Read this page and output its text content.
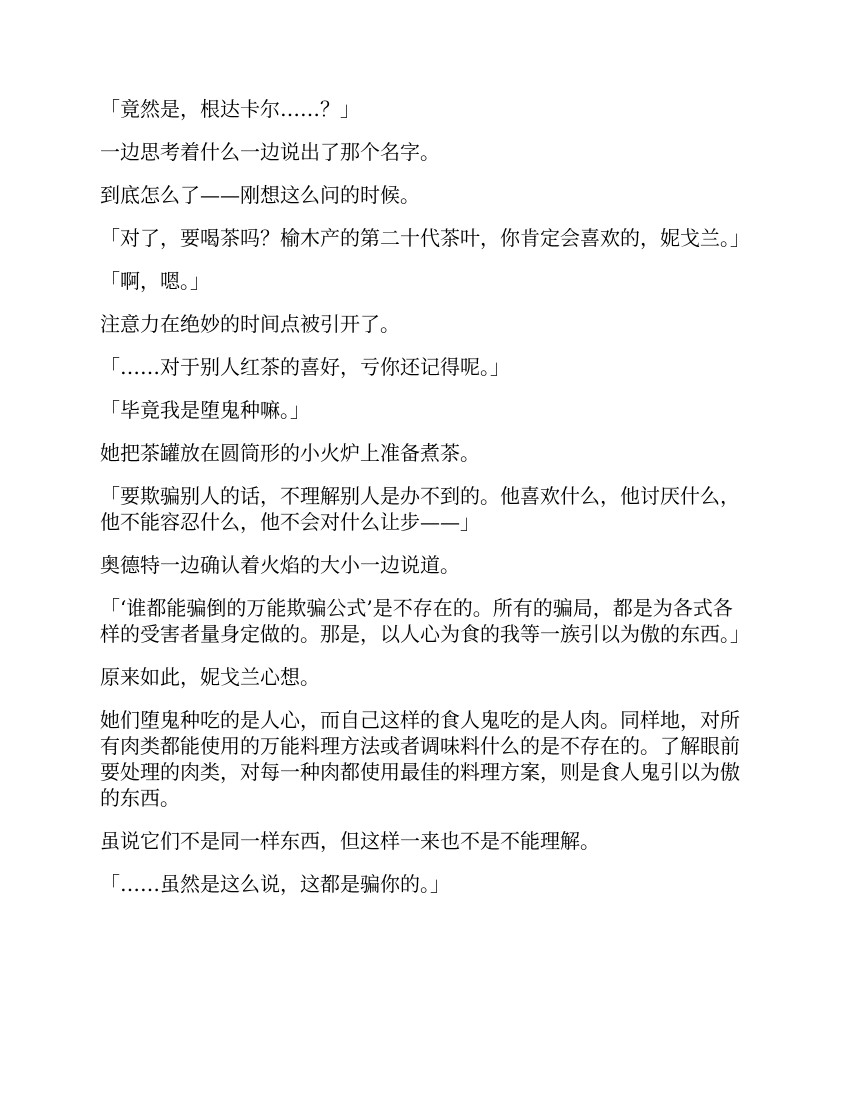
「竟然是，根达卡尔……？」

一边思考着什么一边说出了那个名字。

到底怎么了——刚想这么问的时候。

「对了，要喝茶吗？榆木产的第二十代茶叶，你肯定会喜欢的，妮戈兰。」

「啊，嗯。」

注意力在绝妙的时间点被引开了。

「……对于别人红茶的喜好，亏你还记得呢。」

「毕竟我是堕鬼种嘛。」

她把茶罐放在圆筒形的小火炉上准备煮茶。

「要欺骗别人的话，不理解别人是办不到的。他喜欢什么，他讨厌什么，他不能容忍什么，他不会对什么让步——」

奥德特一边确认着火焰的大小一边说道。

「‘谁都能骗倒的万能欺骗公式’是不存在的。所有的骗局，都是为各式各样的受害者量身定做的。那是，以人心为食的我等一族引以为傲的东西。」

原来如此，妮戈兰心想。

她们堕鬼种吃的是人心，而自己这样的食人鬼吃的是人肉。同样地，对所有肉类都能使用的万能料理方法或者调味料什么的是不存在的。了解眼前要处理的肉类，对每一种肉都使用最佳的料理方案，则是食人鬼引以为傲的东西。

虽说它们不是同一样东西，但这样一来也不是不能理解。

「……虽然是这么说，这都是骗你的。」
